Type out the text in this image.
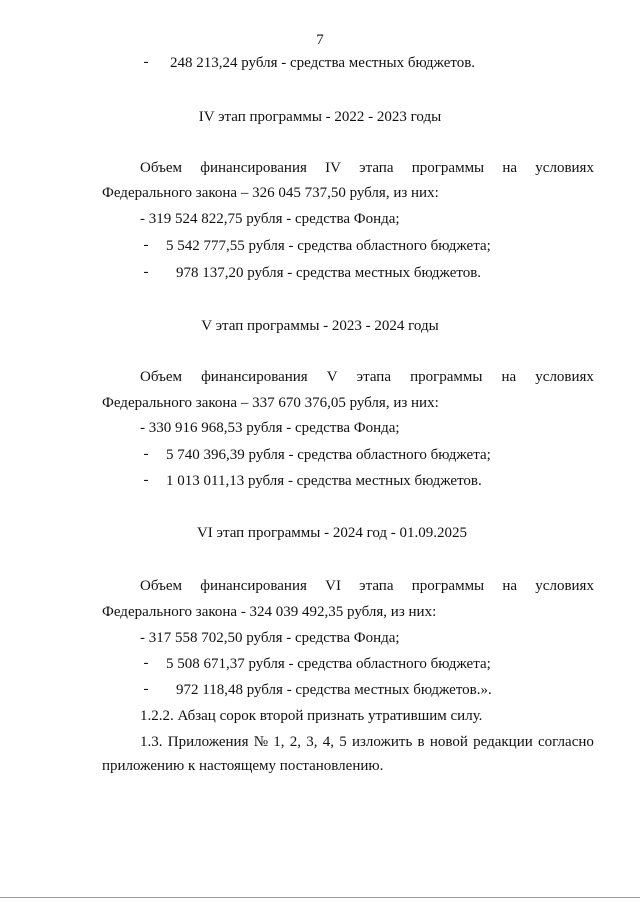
7
-	248 213,24 рубля - средства местных бюджетов.
IV этап программы - 2022 - 2023 годы
Объем финансирования IV этапа программы на условиях
Федерального закона – 326 045 737,50 рубля, из них:
- 319 524 822,75 рубля - средства Фонда;
-	5 542 777,55 рубля - средства областного бюджета;
-	978 137,20 рубля - средства местных бюджетов.
V этап программы - 2023 - 2024 годы
Объем финансирования V этапа программы на условиях
Федерального закона – 337 670 376,05 рубля, из них:
- 330 916 968,53 рубля - средства Фонда;
-	5 740 396,39 рубля - средства областного бюджета;
-	1 013 011,13 рубля - средства местных бюджетов.
VI этап программы - 2024 год - 01.09.2025
Объем финансирования VI этапа программы на условиях
Федерального закона - 324 039 492,35 рубля, из них:
- 317 558 702,50 рубля - средства Фонда;
-	5 508 671,37 рубля - средства областного бюджета;
-	972 118,48 рубля - средства местных бюджетов.».
1.2.2. Абзац сорок второй признать утратившим силу.
1.3. Приложения № 1, 2, 3, 4, 5 изложить в новой редакции согласно
приложению к настоящему постановлению.
